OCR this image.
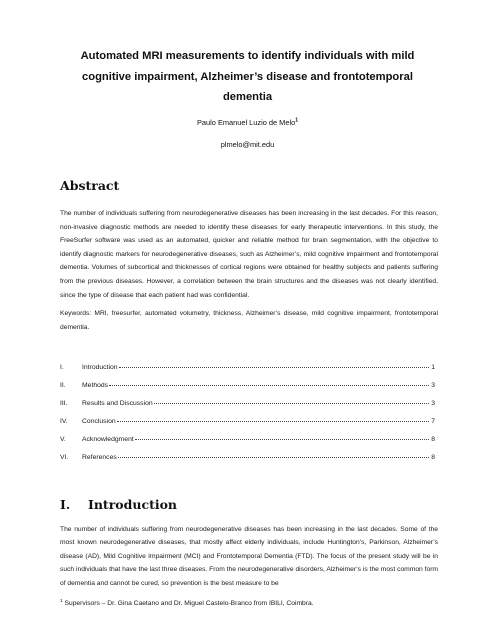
Automated MRI measurements to identify individuals with mild cognitive impairment, Alzheimer’s disease and frontotemporal dementia
Paulo Emanuel Luzio de Melo$^1$
plmelo@mit.edu
Abstract
The number of individuals suffering from neurodegenerative diseases has been increasing in the last decades. For this reason, non-invasive diagnostic methods are needed to identify these diseases for early therapeutic interventions. In this study, the FreeSurfer software was used as an automated, quicker and reliable method for brain segmentation, with the objective to identify diagnostic markers for neurodegenerative diseases, such as Alzheimer’s, mild cognitive impairment and frontotemporal dementia. Volumes of subcortical and thicknesses of cortical regions were obtained for healthy subjects and patients suffering from the previous diseases. However, a correlation between the brain structures and the diseases was not clearly identified, since the type of disease that each patient had was confidential.
Keywords: MRI, freesurfer, automated volumetry, thickness, Alzheimer’s disease, mild cognitive impairment, frontotemporal dementia.
I.	Introduction	1
II.	Methods	3
III.	Results and Discussion	3
IV.	Conclusion	7
V.	Acknowledgment	8
VI.	References	8
I.	Introduction
The number of individuals suffering from neurodegenerative diseases has been increasing in the last decades. Some of the most known neurodegenerative diseases, that mostly affect elderly individuals, include Huntington’s, Parkinson, Alzheimer’s disease (AD), Mild Cognitive Impairment (MCI) and Frontotemporal Dementia (FTD). The focus of the present study will be in such individuals that have the last three diseases. From the neurodegenerative disorders, Alzheimer’s is the most common form of dementia and cannot be cured, so prevention is the best measure to be
$^1$ Supervisors – Dr. Gina Caetano and Dr. Miguel Castelo-Branco from IBILI, Coimbra.
